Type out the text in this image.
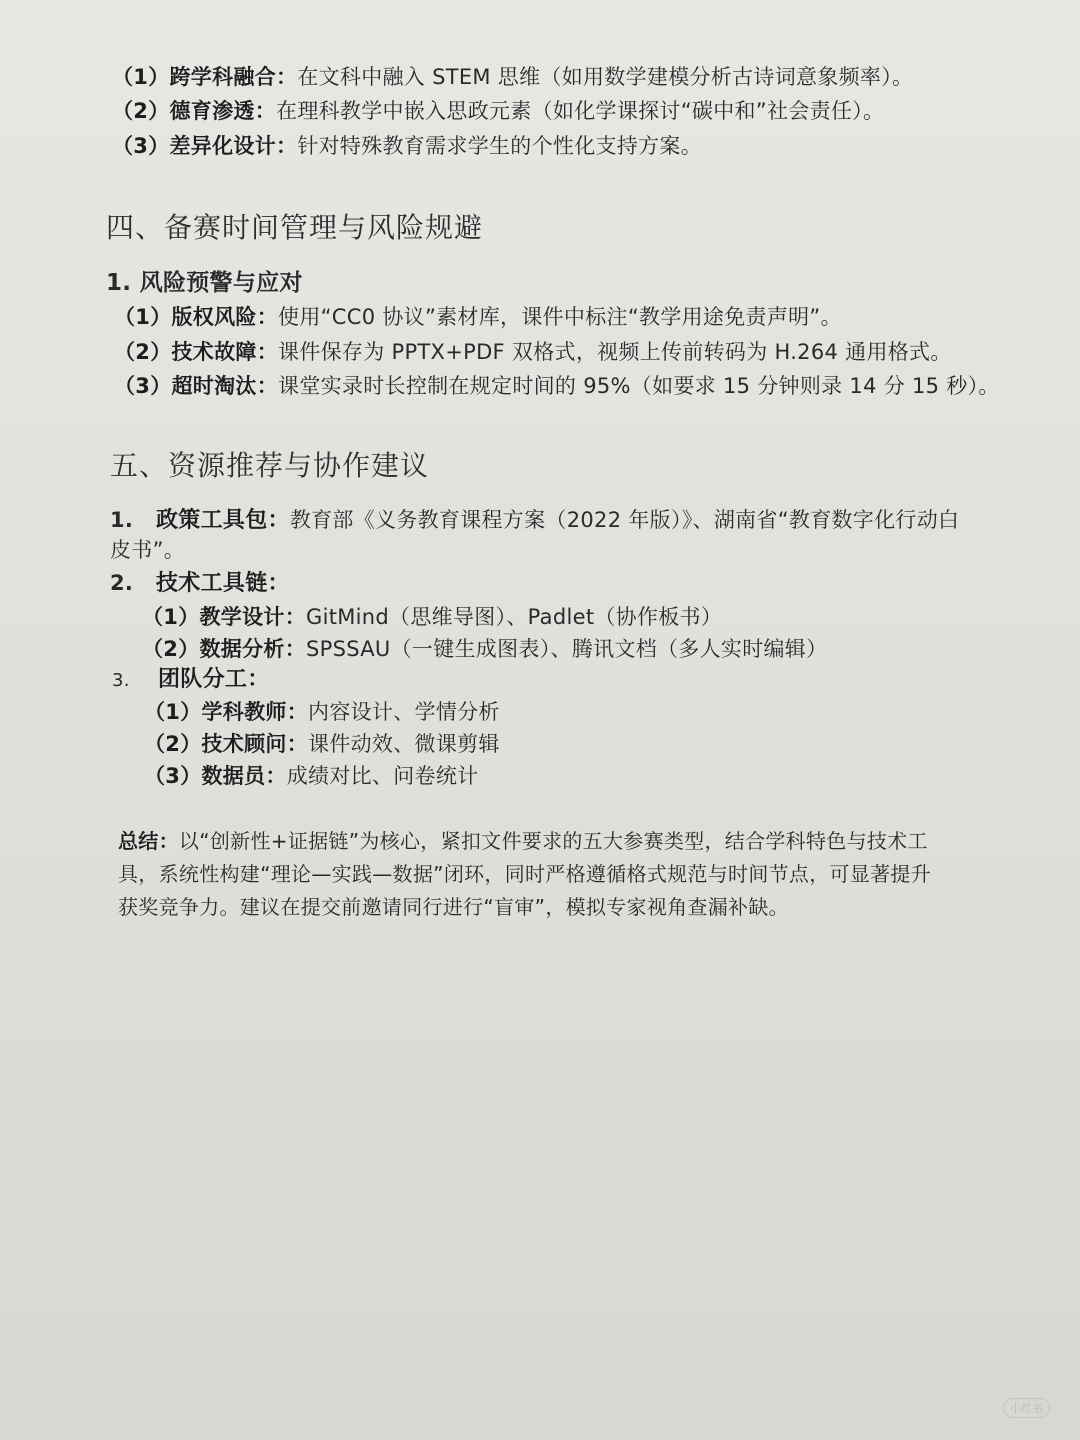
（1）跨学科融合：在文科中融入 STEM 思维（如用数学建模分析古诗词意象频率）。
（2）德育渗透：在理科教学中嵌入思政元素（如化学课探讨“碳中和”社会责任）。
（3）差异化设计：针对特殊教育需求学生的个性化支持方案。
四、备赛时间管理与风险规避
1. 风险预警与应对
（1）版权风险：使用“CC0 协议”素材库，课件中标注“教学用途免责声明”。
（2）技术故障：课件保存为 PPTX+PDF 双格式，视频上传前转码为 H.264 通用格式。
（3）超时淘汰：课堂实录时长控制在规定时间的 95%（如要求 15 分钟则录 14 分 15 秒）。
五、资源推荐与协作建议
1. 政策工具包：教育部《义务教育课程方案（2022 年版）》、湖南省“教育数字化行动白
皮书”。
2. 技术工具链：
（1）教学设计：GitMind（思维导图）、Padlet（协作板书）
（2）数据分析：SPSSAU（一键生成图表）、腾讯文档（多人实时编辑）
3. 团队分工：
（1）学科教师：内容设计、学情分析
（2）技术顾问：课件动效、微课剪辑
（3）数据员：成绩对比、问卷统计
总结：以“创新性+证据链”为核心，紧扣文件要求的五大参赛类型，结合学科特色与技术工
具，系统性构建“理论—实践—数据”闭环，同时严格遵循格式规范与时间节点，可显著提升
获奖竞争力。建议在提交前邀请同行进行“盲审”，模拟专家视角查漏补缺。
小红书
